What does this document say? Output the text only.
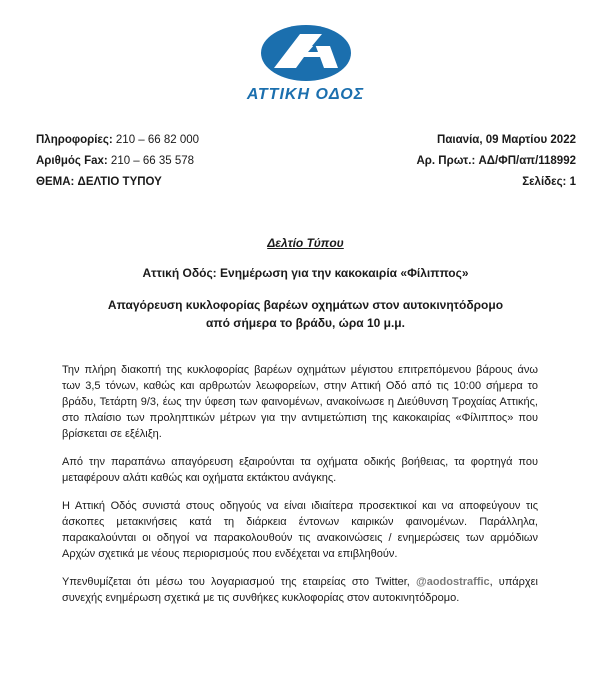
ΑΤΤΙΚΗ ΟΔΟΣ
Πληροφορίες: 210 – 66 82 000	Παιανία, 09 Μαρτίου 2022
Αριθμός Fax: 210 – 66 35 578	Αρ. Πρωτ.: ΑΔ/ΦΠ/απ/118992
ΘΕΜΑ: ΔΕΛΤΙΟ ΤΥΠΟΥ	Σελίδες: 1
Δελτίο Τύπου
Αττική Οδός: Ενημέρωση για την κακοκαιρία «Φίλιππος»
Απαγόρευση κυκλοφορίας βαρέων οχημάτων στον αυτοκινητόδρομο από σήμερα το βράδυ, ώρα 10 μ.μ.

Την πλήρη διακοπή της κυκλοφορίας βαρέων οχημάτων μέγιστου επιτρεπόμενου βάρους άνω των 3,5 τόνων, καθώς και αρθρωτών λεωφορείων, στην Αττική Οδό από τις 10:00 σήμερα το βράδυ, Τετάρτη 9/3, έως την ύφεση των φαινομένων, ανακοίνωσε η Διεύθυνση Τροχαίας Αττικής, στο πλαίσιο των προληπτικών μέτρων για την αντιμετώπιση της κακοκαιρίας «Φίλιππος» που βρίσκεται σε εξέλιξη.

Από την παραπάνω απαγόρευση εξαιρούνται τα οχήματα οδικής βοήθειας, τα φορτηγά που μεταφέρουν αλάτι καθώς και οχήματα εκτάκτου ανάγκης.

Η Αττική Οδός συνιστά στους οδηγούς να είναι ιδιαίτερα προσεκτικοί και να αποφεύγουν τις άσκοπες μετακινήσεις κατά τη διάρκεια έντονων καιρικών φαινομένων. Παράλληλα, παρακαλούνται οι οδηγοί να παρακολουθούν τις ανακοινώσεις / ενημερώσεις των αρμόδιων Αρχών σχετικά με νέους περιορισμούς που ενδέχεται να επιβληθούν.

Υπενθυμίζεται ότι μέσω του λογαριασμού της εταιρείας στο Twitter, @aodostraffic, υπάρχει συνεχής ενημέρωση σχετικά με τις συνθήκες κυκλοφορίας στον αυτοκινητόδρομο.
